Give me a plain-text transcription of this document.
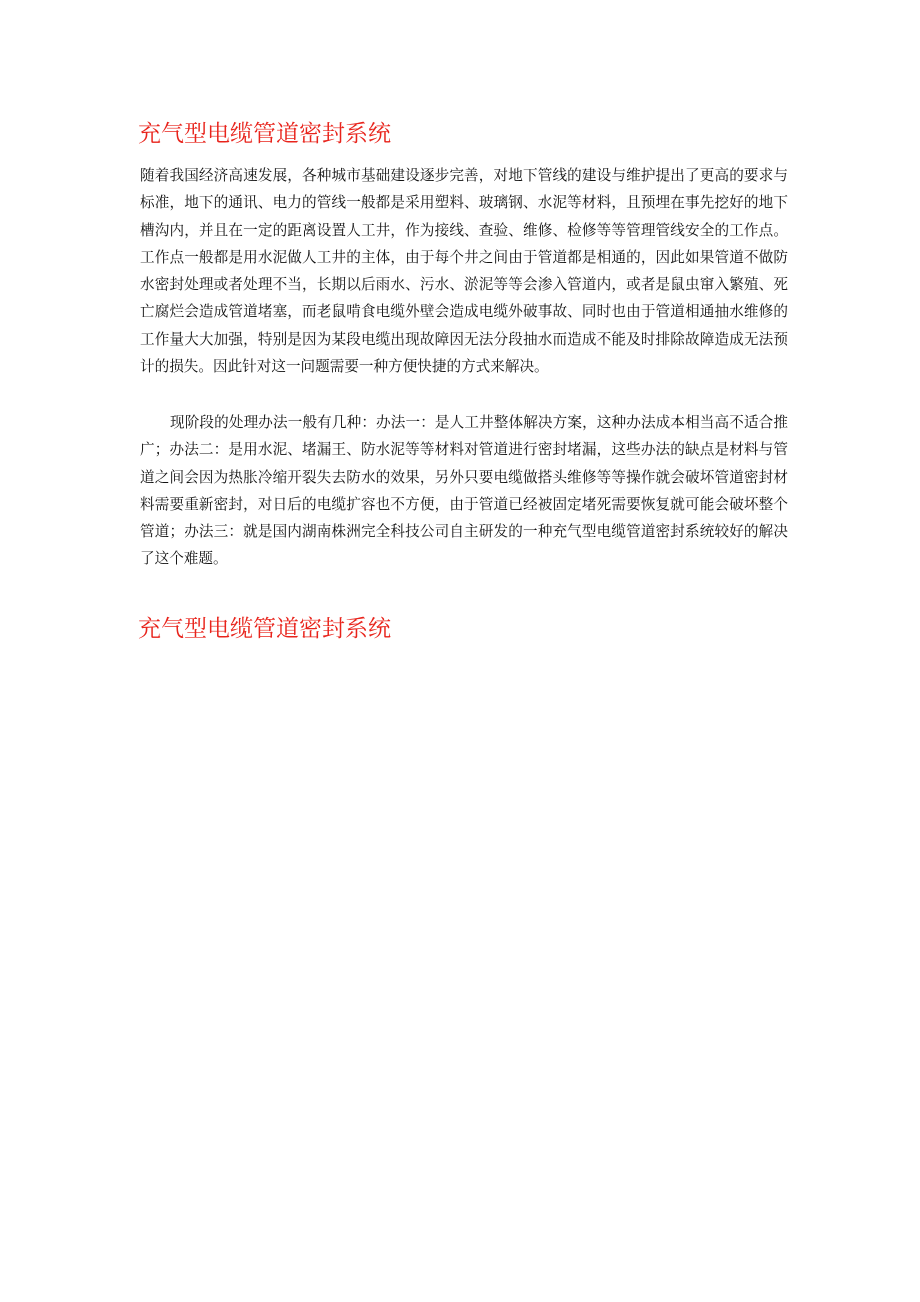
充气型电缆管道密封系统

随着我国经济高速发展，各种城市基础建设逐步完善，对地下管线的建设与维护提出了更高的要求与标准，地下的通讯、电力的管线一般都是采用塑料、玻璃钢、水泥等材料，且预埋在事先挖好的地下槽沟内，并且在一定的距离设置人工井，作为接线、查验、维修、检修等等管理管线安全的工作点。工作点一般都是用水泥做人工井的主体，由于每个井之间由于管道都是相通的，因此如果管道不做防水密封处理或者处理不当，长期以后雨水、污水、淤泥等等会渗入管道内，或者是鼠虫窜入繁殖、死亡腐烂会造成管道堵塞，而老鼠啃食电缆外壁会造成电缆外破事故、同时也由于管道相通抽水维修的工作量大大加强，特别是因为某段电缆出现故障因无法分段抽水而造成不能及时排除故障造成无法预计的损失。因此针对这一问题需要一种方便快捷的方式来解决。

现阶段的处理办法一般有几种：办法一：是人工井整体解决方案，这种办法成本相当高不适合推广；办法二：是用水泥、堵漏王、防水泥等等材料对管道进行密封堵漏，这些办法的缺点是材料与管道之间会因为热胀冷缩开裂失去防水的效果，另外只要电缆做搭头维修等等操作就会破坏管道密封材料需要重新密封，对日后的电缆扩容也不方便，由于管道已经被固定堵死需要恢复就可能会破坏整个管道；办法三：就是国内湖南株洲完全科技公司自主研发的一种充气型电缆管道密封系统较好的解决了这个难题。

充气型电缆管道密封系统
